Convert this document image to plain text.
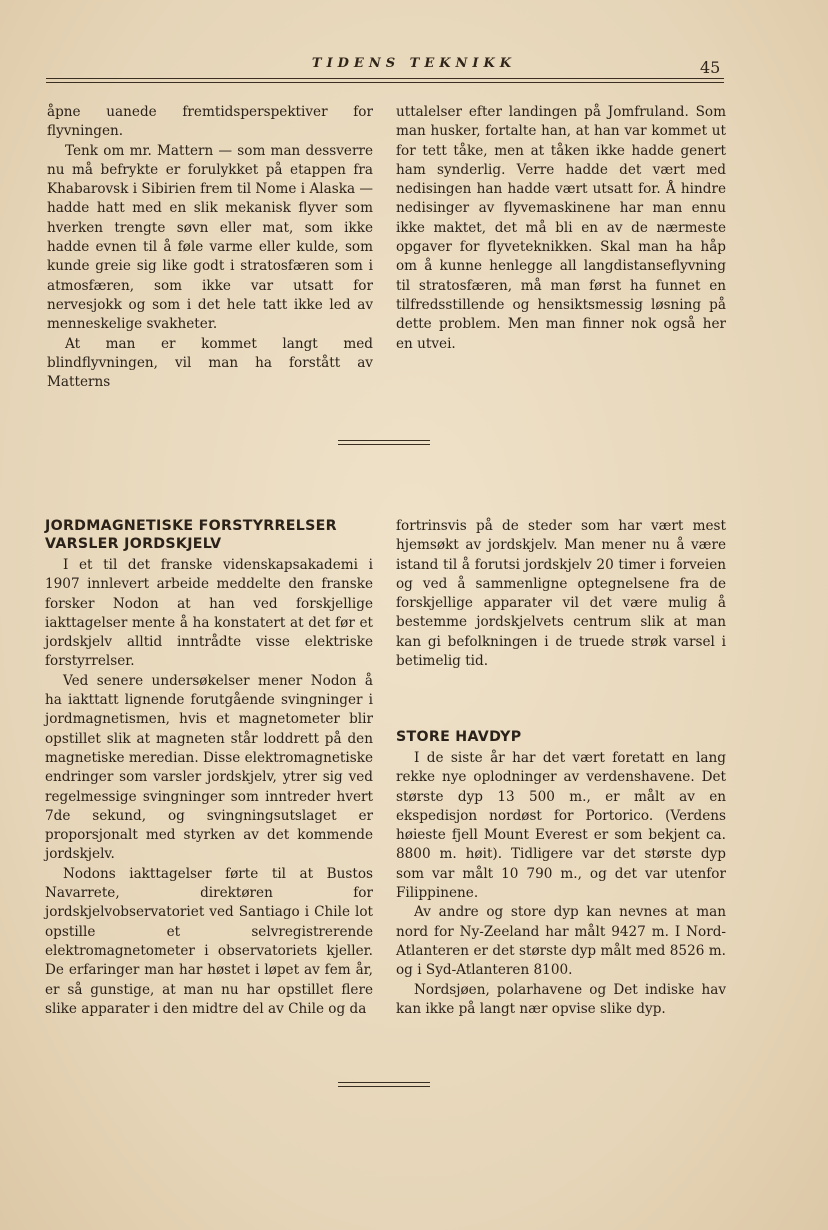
TIDENS TEKNIKK	45

åpne uanede fremtidsperspektiver for flyvningen.

Tenk om mr. Mattern — som man dessverre nu må befrykte er forulykket på etappen fra Khabarovsk i Sibirien frem til Nome i Alaska — hadde hatt med en slik mekanisk flyver som hverken trengte søvn eller mat, som ikke hadde evnen til å føle varme eller kulde, som kunde greie sig like godt i stratosfæren som i atmosfæren, som ikke var utsatt for nervesjokk og som i det hele tatt ikke led av menneskelige svakheter.

At man er kommet langt med blindflyvningen, vil man ha forstått av Matterns

uttalelser efter landingen på Jomfruland. Som man husker, fortalte han, at han var kommet ut for tett tåke, men at tåken ikke hadde genert ham synderlig. Verre hadde det vært med nedisingen han hadde vært utsatt for. Å hindre nedisinger av flyvemaskinene har man ennu ikke maktet, det må bli en av de nærmeste opgaver for flyveteknikken. Skal man ha håp om å kunne henlegge all langdistanseflyvning til stratosfæren, må man først ha funnet en tilfredsstillende og hensiktsmessig løsning på dette problem. Men man finner nok også her en utvei.

JORDMAGNETISKE FORSTYRRELSER VARSLER JORDSKJELV

I et til det franske videnskapsakademi i 1907 innlevert arbeide meddelte den franske forsker Nodon at han ved forskjellige iakttagelser mente å ha konstatert at det før et jordskjelv alltid inntrådte visse elektriske forstyrrelser.

Ved senere undersøkelser mener Nodon å ha iakttatt lignende forutgående svingninger i jordmagnetismen, hvis et magnetometer blir opstillet slik at magneten står loddrett på den magnetiske meredian. Disse elektromagnetiske endringer som varsler jordskjelv, ytrer sig ved regelmessige svingninger som inntreder hvert 7de sekund, og svingningsutslaget er proporsjonalt med styrken av det kommende jordskjelv.

Nodons iakttagelser førte til at Bustos Navarrete, direktøren for jordskjelvobservatoriet ved Santiago i Chile lot opstille et selvregistrerende elektromagnetometer i observatoriets kjeller. De erfaringer man har høstet i løpet av fem år, er så gunstige, at man nu har opstillet flere slike apparater i den midtre del av Chile og da

fortrinsvis på de steder som har vært mest hjemsøkt av jordskjelv. Man mener nu å være istand til å forutsi jordskjelv 20 timer i forveien og ved å sammenligne optegnelsene fra de forskjellige apparater vil det være mulig å bestemme jordskjelvets centrum slik at man kan gi befolkningen i de truede strøk varsel i betimelig tid.

STORE HAVDYP

I de siste år har det vært foretatt en lang rekke nye oplodninger av verdenshavene. Det største dyp 13 500 m., er målt av en ekspedisjon nordøst for Portorico. (Verdens høieste fjell Mount Everest er som bekjent ca. 8800 m. høit). Tidligere var det største dyp som var målt 10 790 m., og det var utenfor Filippinene.

Av andre og store dyp kan nevnes at man nord for Ny-Zeeland har målt 9427 m. I Nord-Atlanteren er det største dyp målt med 8526 m. og i Syd-Atlanteren 8100.

Nordsjøen, polarhavene og Det indiske hav kan ikke på langt nær opvise slike dyp.
